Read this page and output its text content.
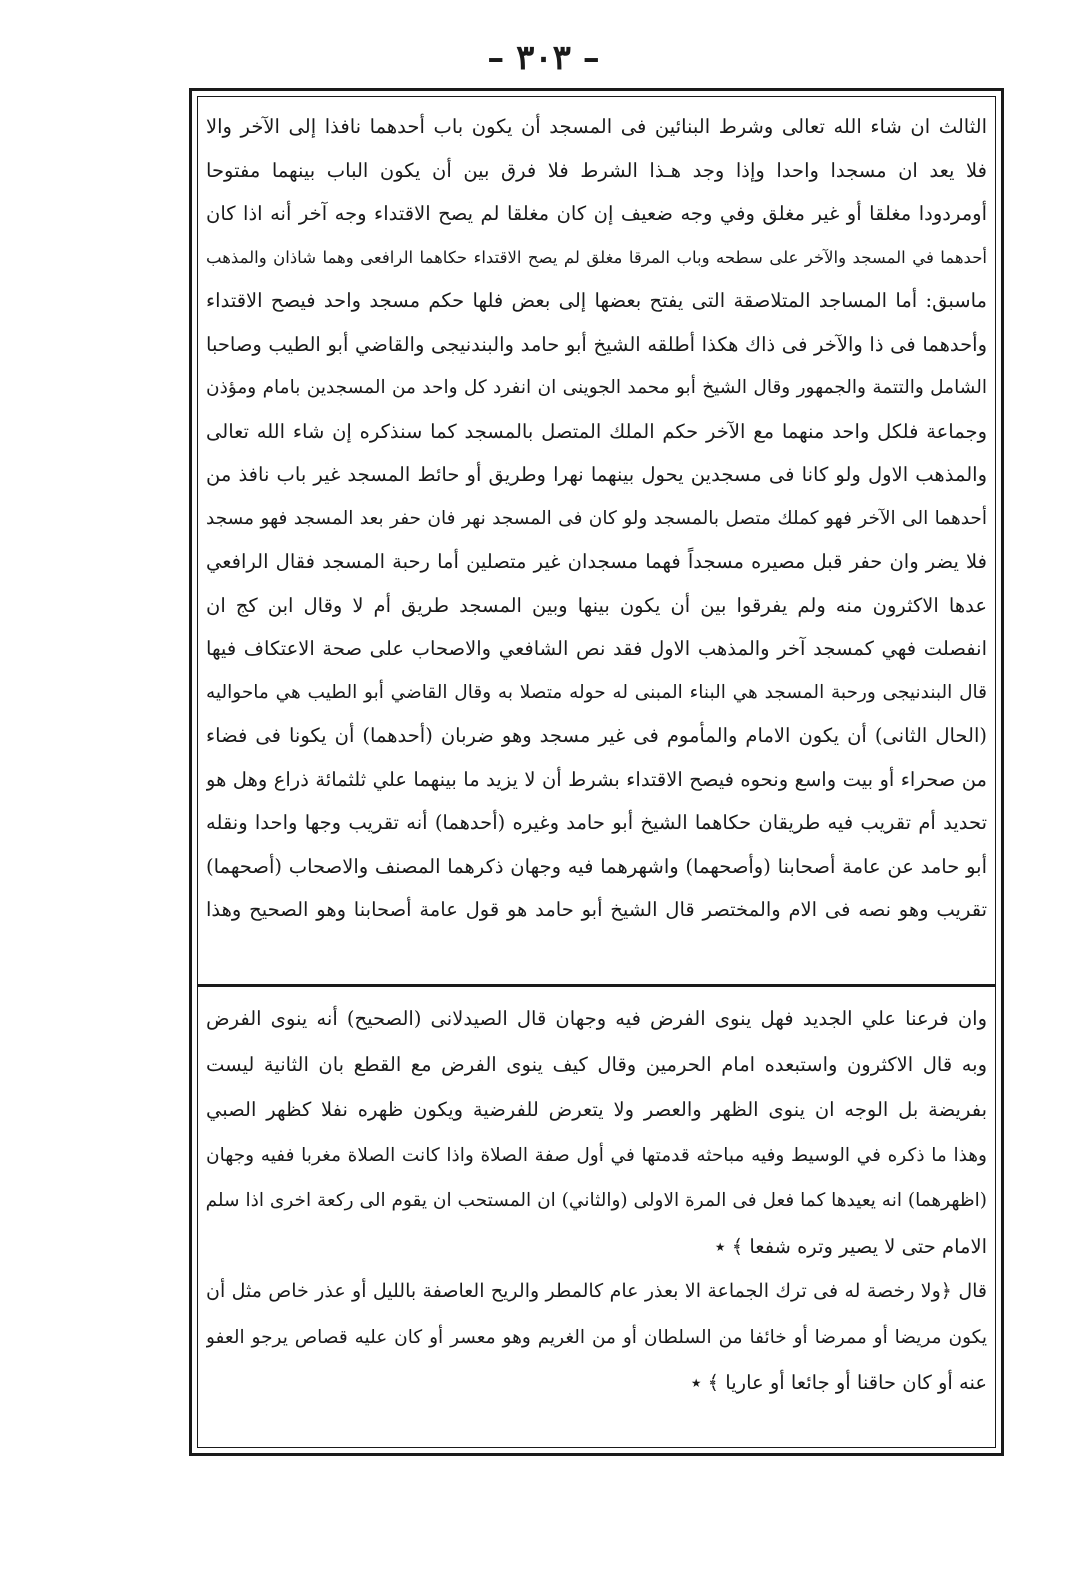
– ٣٠٣ –
الثالث ان شاء الله تعالى وشرط البنائين فى المسجد أن يكون باب أحدهما نافذا إلى الآخر والا
فلا يعد ان مسجدا واحدا وإذا وجد هـذا الشرط فلا فرق بين أن يكون الباب بينهما مفتوحا
أومردودا مغلقا أو غير مغلق وفي وجه ضعيف إن كان مغلقا لم يصح الاقتداء وجه آخر أنه اذا كان
أحدهما في المسجد والآخر على سطحه وباب المرقا مغلق لم يصح الاقتداء حكاهما الرافعى وهما شاذان والمذهب
ماسبق: أما المساجد المتلاصقة التى يفتح بعضها إلى بعض فلها حكم مسجد واحد فيصح الاقتداء
وأحدهما فى ذا والآخر فى ذاك هكذا أطلقه الشيخ أبو حامد والبندنيجى والقاضي أبو الطيب وصاحبا
الشامل والتتمة والجمهور وقال الشيخ أبو محمد الجوينى ان انفرد كل واحد من المسجدين بامام ومؤذن
وجماعة فلكل واحد منهما مع الآخر حكم الملك المتصل بالمسجد كما سنذكره إن شاء الله تعالى
والمذهب الاول ولو كانا فى مسجدين يحول بينهما نهرا وطريق أو حائط المسجد غير باب نافذ من
أحدهما الى الآخر فهو كملك متصل بالمسجد ولو كان فى المسجد نهر فان حفر بعد المسجد فهو مسجد
فلا يضر وان حفر قبل مصيره مسجداً فهما مسجدان غير متصلين أما رحبة المسجد فقال الرافعي
عدها الاكثرون منه ولم يفرقوا بين أن يكون بينها وبين المسجد طريق أم لا وقال ابن كج ان
انفصلت فهي كمسجد آخر والمذهب الاول فقد نص الشافعي والاصحاب على صحة الاعتكاف فيها
قال البندنيجى ورحبة المسجد هي البناء المبنى له حوله متصلا به وقال القاضي أبو الطيب هي ماحواليه
(الحال الثانى) أن يكون الامام والمأموم فى غير مسجد وهو ضربان (أحدهما) أن يكونا فى فضاء
من صحراء أو بيت واسع ونحوه فيصح الاقتداء بشرط أن لا يزيد ما بينهما علي ثلثمائة ذراع وهل هو
تحديد أم تقريب فيه طريقان حكاهما الشيخ أبو حامد وغيره (أحدهما) أنه تقريب وجها واحدا ونقله
أبو حامد عن عامة أصحابنا (وأصحهما) واشهرهما فيه وجهان ذكرهما المصنف والاصحاب (أصحهما)
تقريب وهو نصه فى الام والمختصر قال الشيخ أبو حامد هو قول عامة أصحابنا وهو الصحيح وهذا
وان فرعنا علي الجديد فهل ينوى الفرض فيه وجهان قال الصيدلانى (الصحيح) أنه ينوى الفرض
وبه قال الاكثرون واستبعده امام الحرمين وقال كيف ينوى الفرض مع القطع بان الثانية ليست
بفريضة بل الوجه ان ينوى الظهر والعصر ولا يتعرض للفرضية ويكون ظهره نفلا كظهر الصبي
وهذا ما ذكره في الوسيط وفيه مباحثه قدمتها في أول صفة الصلاة واذا كانت الصلاة مغربا ففيه وجهان
(اظهرهما) انه يعيدها كما فعل فى المرة الاولى (والثاني) ان المستحب ان يقوم الى ركعة اخرى اذا سلم
الامام حتى لا يصير وتره شفعا ﴾ ٭
قال ﴿ولا رخصة له فى ترك الجماعة الا بعذر عام كالمطر والريح العاصفة بالليل أو عذر خاص مثل أن
يكون مريضا أو ممرضا أو خائفا من السلطان أو من الغريم وهو معسر أو كان عليه قصاص يرجو العفو
عنه أو كان حاقنا أو جائعا أو عاريا ﴾ ٭
